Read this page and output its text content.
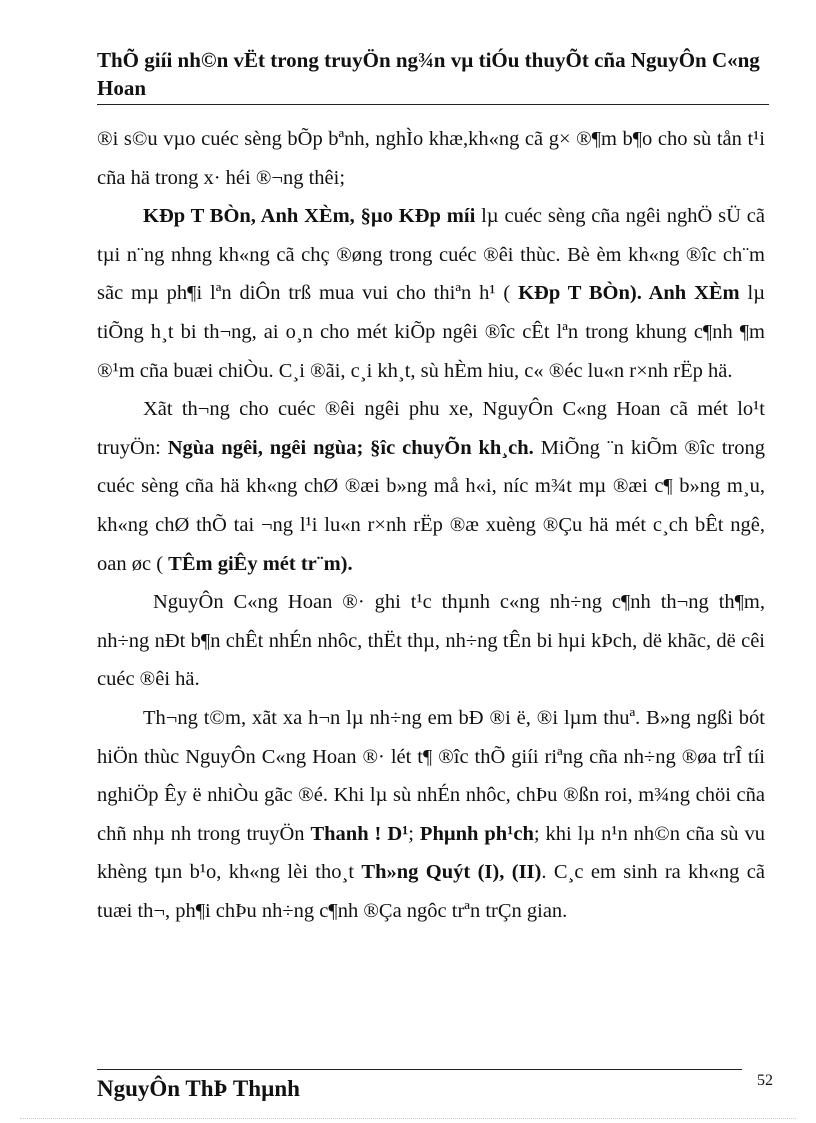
ThÕ giíi nh©n vËt trong truyÖn ng¾n vµ tiÓu thuyÕt cña NguyÔn C«ng Hoan

®i s©u vµo cuéc sèng bÕp bªnh, nghÌo khæ,kh«ng cã g× ®¶m b¶o cho sù tån t¹i cña hä trong x· héi ®¬ng thêi;

KÐp T BÒn, Anh XÈm, §µo KÐp míi lµ cuéc sèng cña ngêi nghÖ sÜ cã tµi n¨ng nhng kh«ng cã chç ®øng trong cuéc ®êi thùc. Bè èm kh«ng ®îc ch¨m sãc mµ ph¶i lªn diÔn trß mua vui cho thiªn h¹ ( KÐp T BÒn). Anh XÈm lµ tiÕng h¸t bi th¬ng, ai o¸n cho mét kiÕp ngêi ®îc cÊt lªn trong khung c¶nh ¶m ®¹m cña buæi chiÒu. C¸i ®ãi, c¸i kh¸t, sù hÈm hiu, c« ®éc lu«n r×nh rËp hä.

Xãt th¬ng cho cuéc ®êi ngêi phu xe, NguyÔn C«ng Hoan cã mét lo¹t truyÖn: Ngùa ngêi, ngêi ngùa; §îc chuyÕn kh¸ch. MiÕng ¨n kiÕm ®îc trong cuéc sèng cña hä kh«ng chØ ®æi b»ng må h«i, níc m¾t mµ ®æi c¶ b»ng m¸u, kh«ng chØ thÕ tai ¬ng l¹i lu«n r×nh rËp ®æ xuèng ®Çu hä mét c¸ch bÊt ngê, oan øc ( TÊm giÊy mét tr¨m).

NguyÔn C«ng Hoan ®· ghi t¹c thµnh c«ng nh÷ng c¶nh th¬ng th¶m, nh÷ng nÐt b¶n chÊt nhÉn nhôc, thËt thµ, nh÷ng tÊn bi hµi kÞch, dë khãc, dë cêi cuéc ®êi hä.

Th¬ng t©m, xãt xa h¬n lµ nh÷ng em bÐ ®i ë, ®i lµm thuª. B»ng ngßi bót hiÖn thùc NguyÔn C«ng Hoan ®· lét t¶ ®îc thÕ giíi riªng cña nh÷ng ®øa trÎ tíi nghiÖp Êy ë nhiÒu gãc ®é. Khi lµ sù nhÉn nhôc, chÞu ®ßn roi, m¾ng chöi cña chñ nhµ nh trong truyÖn Thanh ! D¹; Phµnh ph¹ch; khi lµ n¹n nh©n cña sù vu khèng tµn b¹o, kh«ng lèi tho¸t Th»ng Quýt (I), (II). C¸c em sinh ra kh«ng cã tuæi th¬, ph¶i chÞu nh÷ng c¶nh ®Ça ngôc trªn trÇn gian.

NguyÔn ThÞ Thµnh	52
